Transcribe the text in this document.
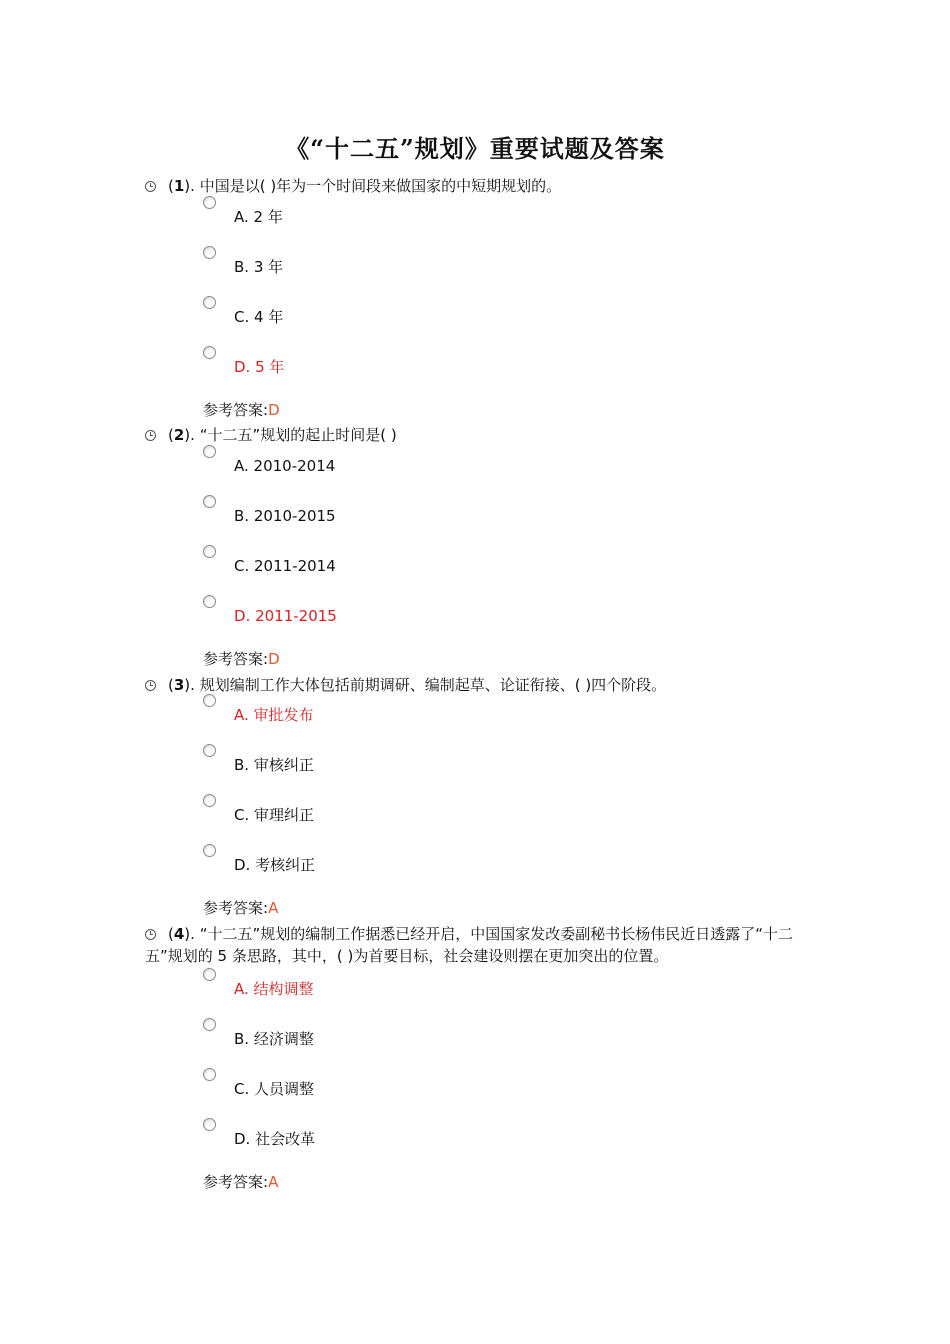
《“十二五”规划》重要试题及答案
(1). 中国是以( )年为一个时间段来做国家的中短期规划的。
A. 2 年
B. 3 年
C. 4 年
D. 5 年
参考答案:D
(2). “十二五”规划的起止时间是( )
A. 2010-2014
B. 2010-2015
C. 2011-2014
D. 2011-2015
参考答案:D
(3). 规划编制工作大体包括前期调研、编制起草、论证衔接、( )四个阶段。
A. 审批发布
B. 审核纠正
C. 审理纠正
D. 考核纠正
参考答案:A
(4). “十二五”规划的编制工作据悉已经开启，中国国家发改委副秘书长杨伟民近日透露了“十二五”规划的 5 条思路，其中，( )为首要目标，社会建设则摆在更加突出的位置。
A. 结构调整
B. 经济调整
C. 人员调整
D. 社会改革
参考答案:A
